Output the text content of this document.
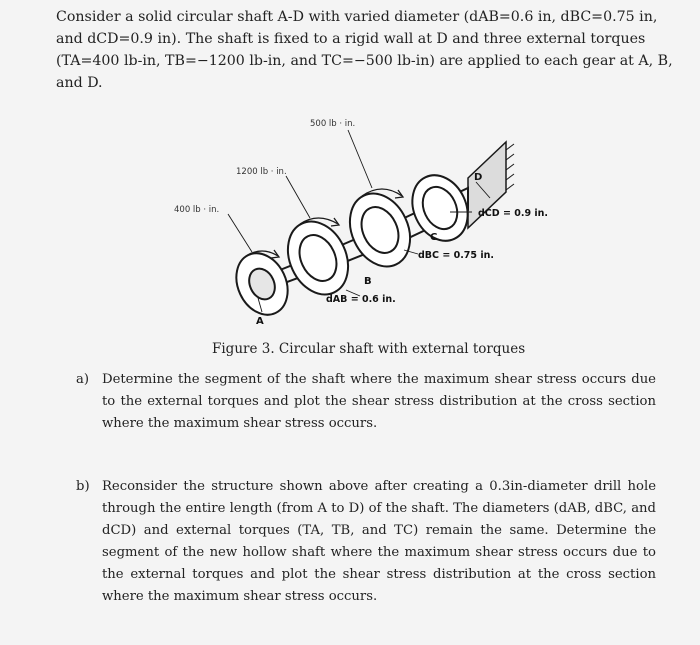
Consider a solid circular shaft A-D with varied diameter (dAB=0.6 in, dBC=0.75 in, and dCD=0.9 in). The shaft is fixed to a rigid wall at D and three external torques (TA=400 lb-in, TB=−1200 lb-in, and TC=−500 lb-in) are applied to each gear at A, B, and D.

500 lb · in.
1200 lb · in.
400 lb · in.
A
B
C
D
dCD = 0.9 in.
dBC = 0.75 in.
dAB = 0.6 in.

Figure 3. Circular shaft with external torques

a) Determine the segment of the shaft where the maximum shear stress occurs due to the external torques and plot the shear stress distribution at the cross section where the maximum shear stress occurs.
b) Reconsider the structure shown above after creating a 0.3in-diameter drill hole through the entire length (from A to D) of the shaft. The diameters (dAB, dBC, and dCD) and external torques (TA, TB, and TC) remain the same. Determine the segment of the new hollow shaft where the maximum shear stress occurs due to the external torques and plot the shear stress distribution at the cross section where the maximum shear stress occurs.
